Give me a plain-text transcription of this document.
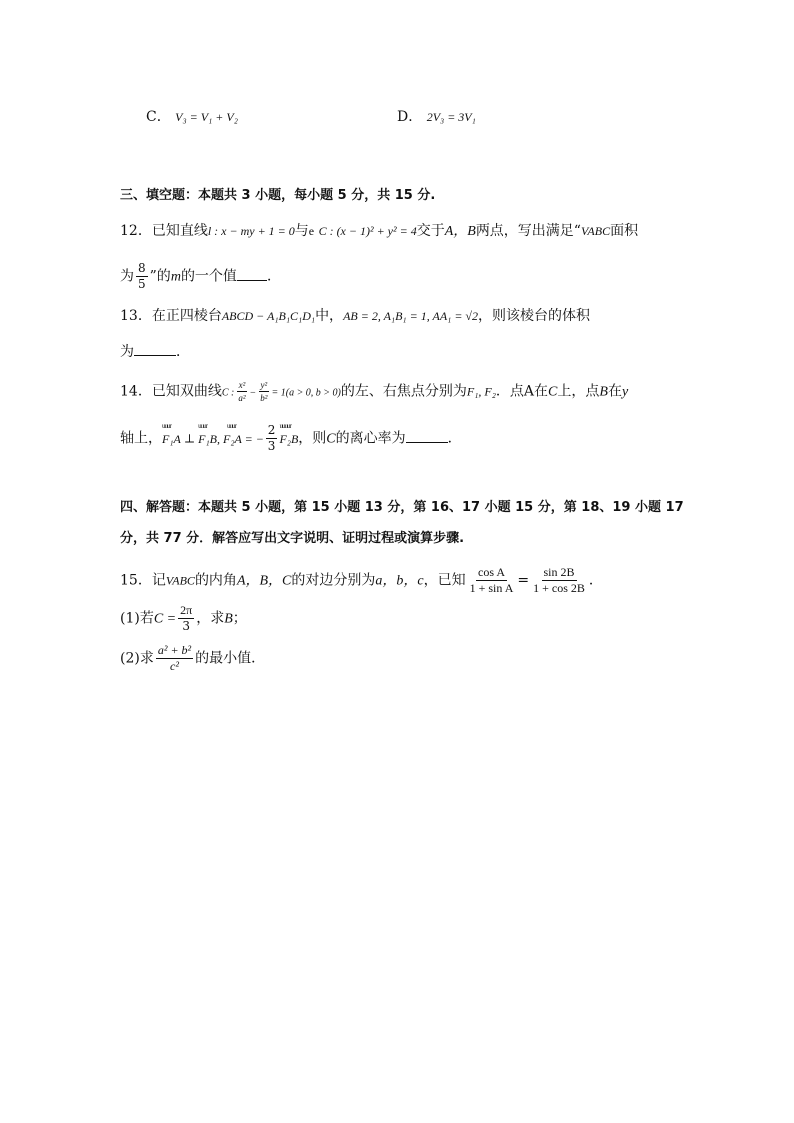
C． V₃ = V₁ + V₂	D． 2V₃ = 3V₁
三、填空题：本题共 3 小题，每小题 5 分，共 15 分.
12．已知直线l : x − my + 1 = 0与e C : (x − 1)² + y² = 4交于A，B两点，写出满足“VABC面积
为 $\frac{8}{5}$ ”的m的一个值 ．
13．在正四棱台ABCD − A₁B₁C₁D₁中，AB = 2, A₁B₁ = 1, AA₁ = √2，则该棱台的体积
为	．
14．已知双曲线C : $\frac{\text{x²}}{\text{a²}} - \frac{\text{y²}}{\text{b²}} = 1(a > 0$, b > 0)的左、右焦点分别为F₁, F₂．点A在C上，点B在y
轴上，
uuur
F₁A ⊥
uuur
F₁B
uuur
, F₂A = − $\frac{2}{3}$ uuuur
F₂B，则C的离心率为	．
四、解答题：本题共 5 小题，第 15 小题 13 分，第 16、17 小题 15 分，第 18、19 小题 17
分，共 77 分．解答应写出文字说明、证明过程或演算步骤.
15．记VABC的内角A，B，C的对边分别为a，b，c，已知 $\frac{\text{cos A}}{\text{1 + sin A}} = \frac{\sin 2B}{1 + \cos 2B}$ ．
(1)若$C = \frac{2\pi}{3}$ ，求B；
(2)求 $\frac{\text{a² + b²}}{\text{c²}}$ 的最小值．
